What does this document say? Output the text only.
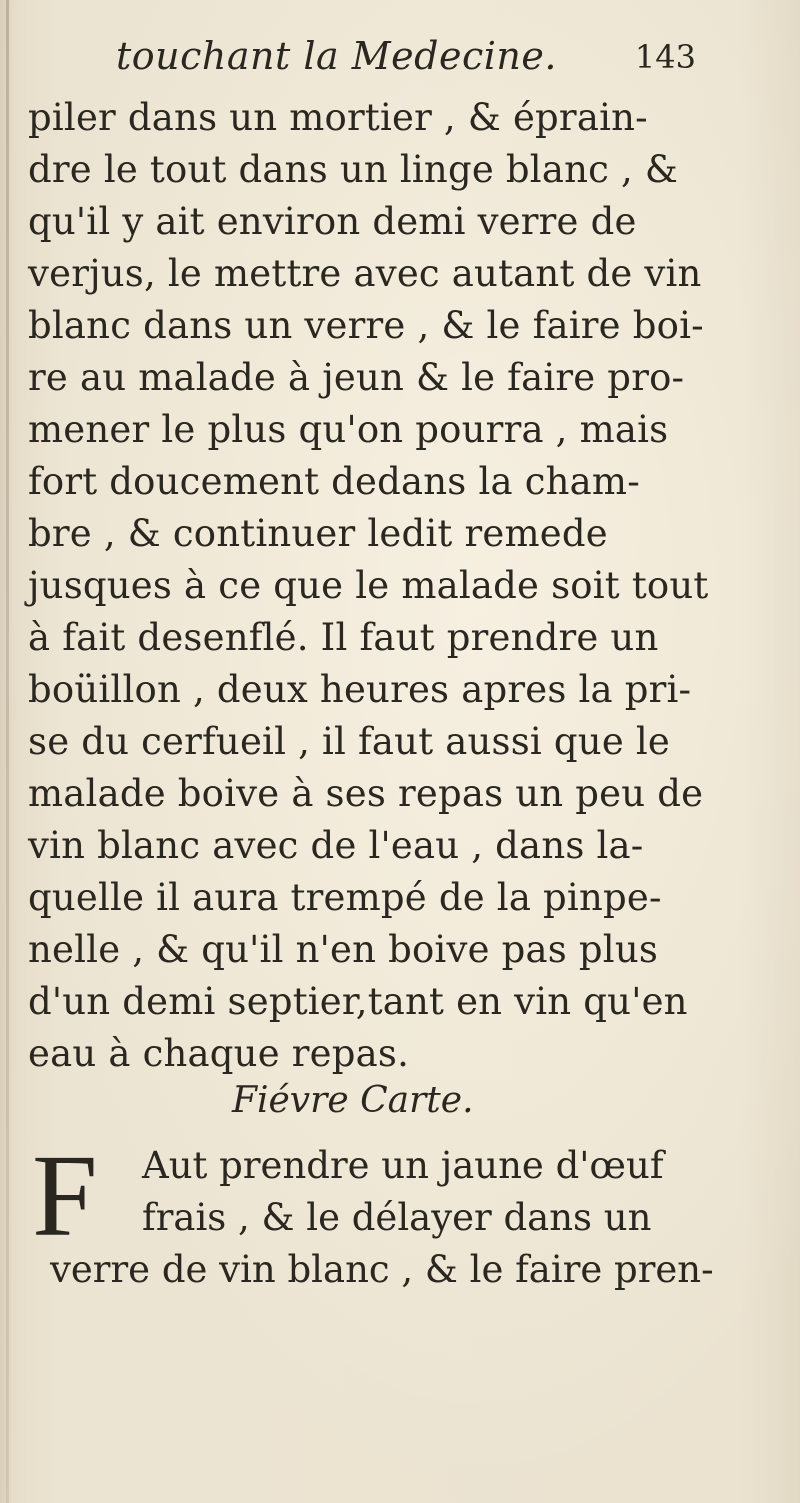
touchant la Medecine. 143
piler dans un mortier , & éprain-
dre le tout dans un linge blanc , &
qu'il y ait environ demi verre de
verjus, le mettre avec autant de vin
blanc dans un verre , & le faire boi-
re au malade à jeun & le faire pro-
mener le plus qu'on pourra , mais
fort doucement dedans la cham-
bre , & continuer ledit remede
jusques à ce que le malade soit tout
à fait desenflé. Il faut prendre un
boüillon , deux heures apres la pri-
se du cerfueil , il faut aussi que le
malade boive à ses repas un peu de
vin blanc avec de l'eau , dans la-
quelle il aura trempé de la pinpe-
nelle , & qu'il n'en boive pas plus
d'un demi septier,tant en vin qu'en
eau à chaque repas.
Fiévre Carte.
F Aut prendre un jaune d'œuf
frais , & le délayer dans un
verre de vin blanc , & le faire pren-
